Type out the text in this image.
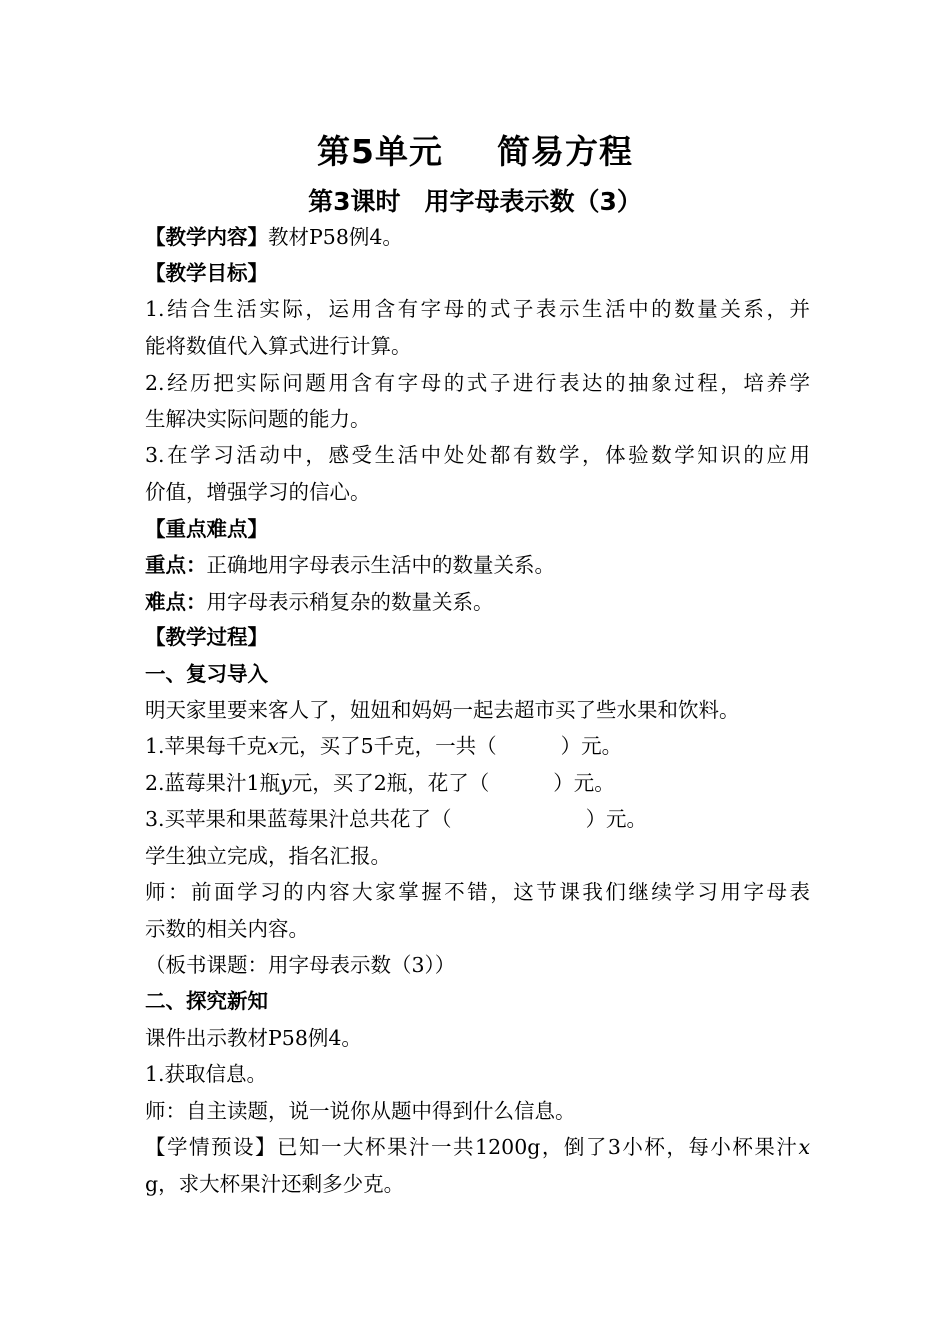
第5单元 简易方程
第3课时 用字母表示数（3）
【教学内容】教材P58例4。
【教学目标】
1.结合生活实际，运用含有字母的式子表示生活中的数量关系，并
能将数值代入算式进行计算。
2.经历把实际问题用含有字母的式子进行表达的抽象过程，培养学
生解决实际问题的能力。
3.在学习活动中，感受生活中处处都有数学，体验数学知识的应用
价值，增强学习的信心。
【重点难点】
重点：正确地用字母表示生活中的数量关系。
难点：用字母表示稍复杂的数量关系。
【教学过程】
一、复习导入
明天家里要来客人了，妞妞和妈妈一起去超市买了些水果和饮料。
1.苹果每千克x元，买了5千克，一共（	）元。
2.蓝莓果汁1瓶y元，买了2瓶，花了（	）元。
3.买苹果和果蓝莓果汁总共花了（	）元。
学生独立完成，指名汇报。
师：前面学习的内容大家掌握不错，这节课我们继续学习用字母表
示数的相关内容。
（板书课题：用字母表示数（3））
二、探究新知
课件出示教材P58例4。
1.获取信息。
师：自主读题，说一说你从题中得到什么信息。
【学情预设】已知一大杯果汁一共1200g，倒了3小杯，每小杯果汁x
g，求大杯果汁还剩多少克。
